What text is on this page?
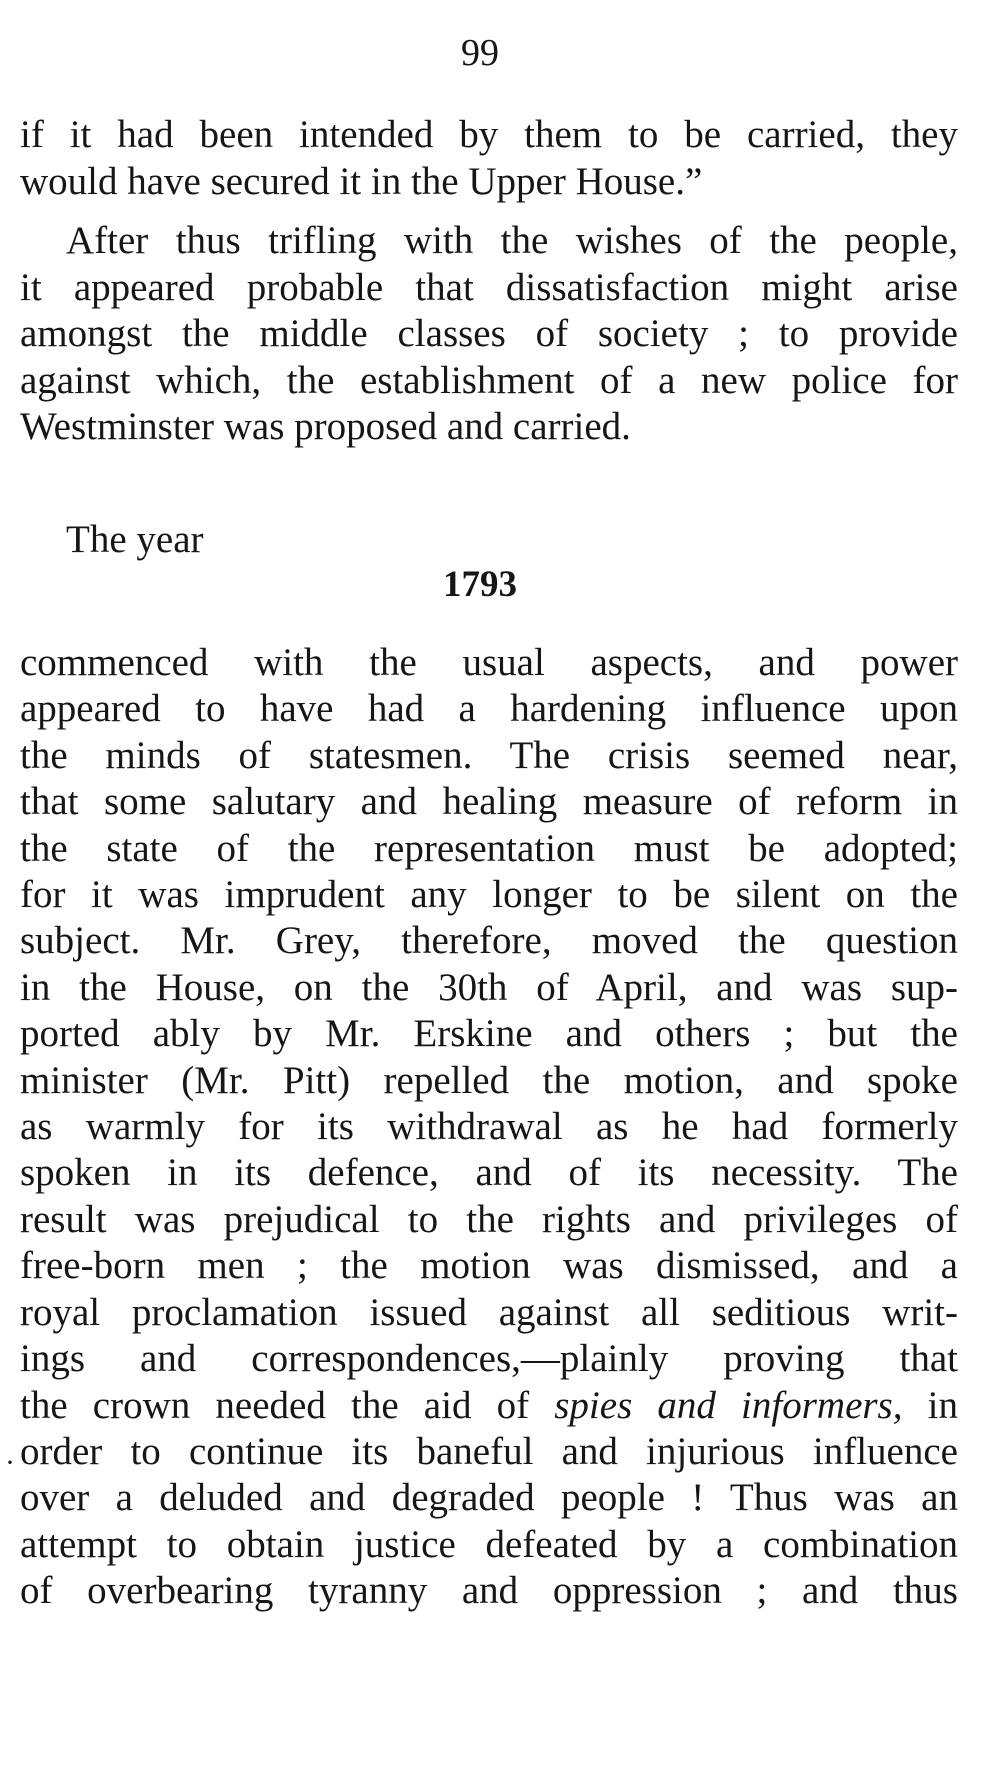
99
if it had been intended by them to be carried, they
would have secured it in the Upper House.”
After thus trifling with the wishes of the people,
it appeared probable that dissatisfaction might arise
amongst the middle classes of society ; to provide
against which, the establishment of a new police for
Westminster was proposed and carried.
The year
1793
commenced with the usual aspects, and power
appeared to have had a hardening influence upon
the minds of statesmen. The crisis seemed near,
that some salutary and healing measure of reform in
the state of the representation must be adopted;
for it was imprudent any longer to be silent on the
subject. Mr. Grey, therefore, moved the question
in the House, on the 30th of April, and was sup-
ported ably by Mr. Erskine and others ; but the
minister (Mr. Pitt) repelled the motion, and spoke
as warmly for its withdrawal as he had formerly
spoken in its defence, and of its necessity. The
result was prejudical to the rights and privileges of
free-born men ; the motion was dismissed, and a
royal proclamation issued against all seditious writ-
ings and correspondences,—plainly proving that
the crown needed the aid of spies and informers, in
order to continue its baneful and injurious influence
over a deluded and degraded people ! Thus was an
attempt to obtain justice defeated by a combination
of overbearing tyranny and oppression ; and thus
·
